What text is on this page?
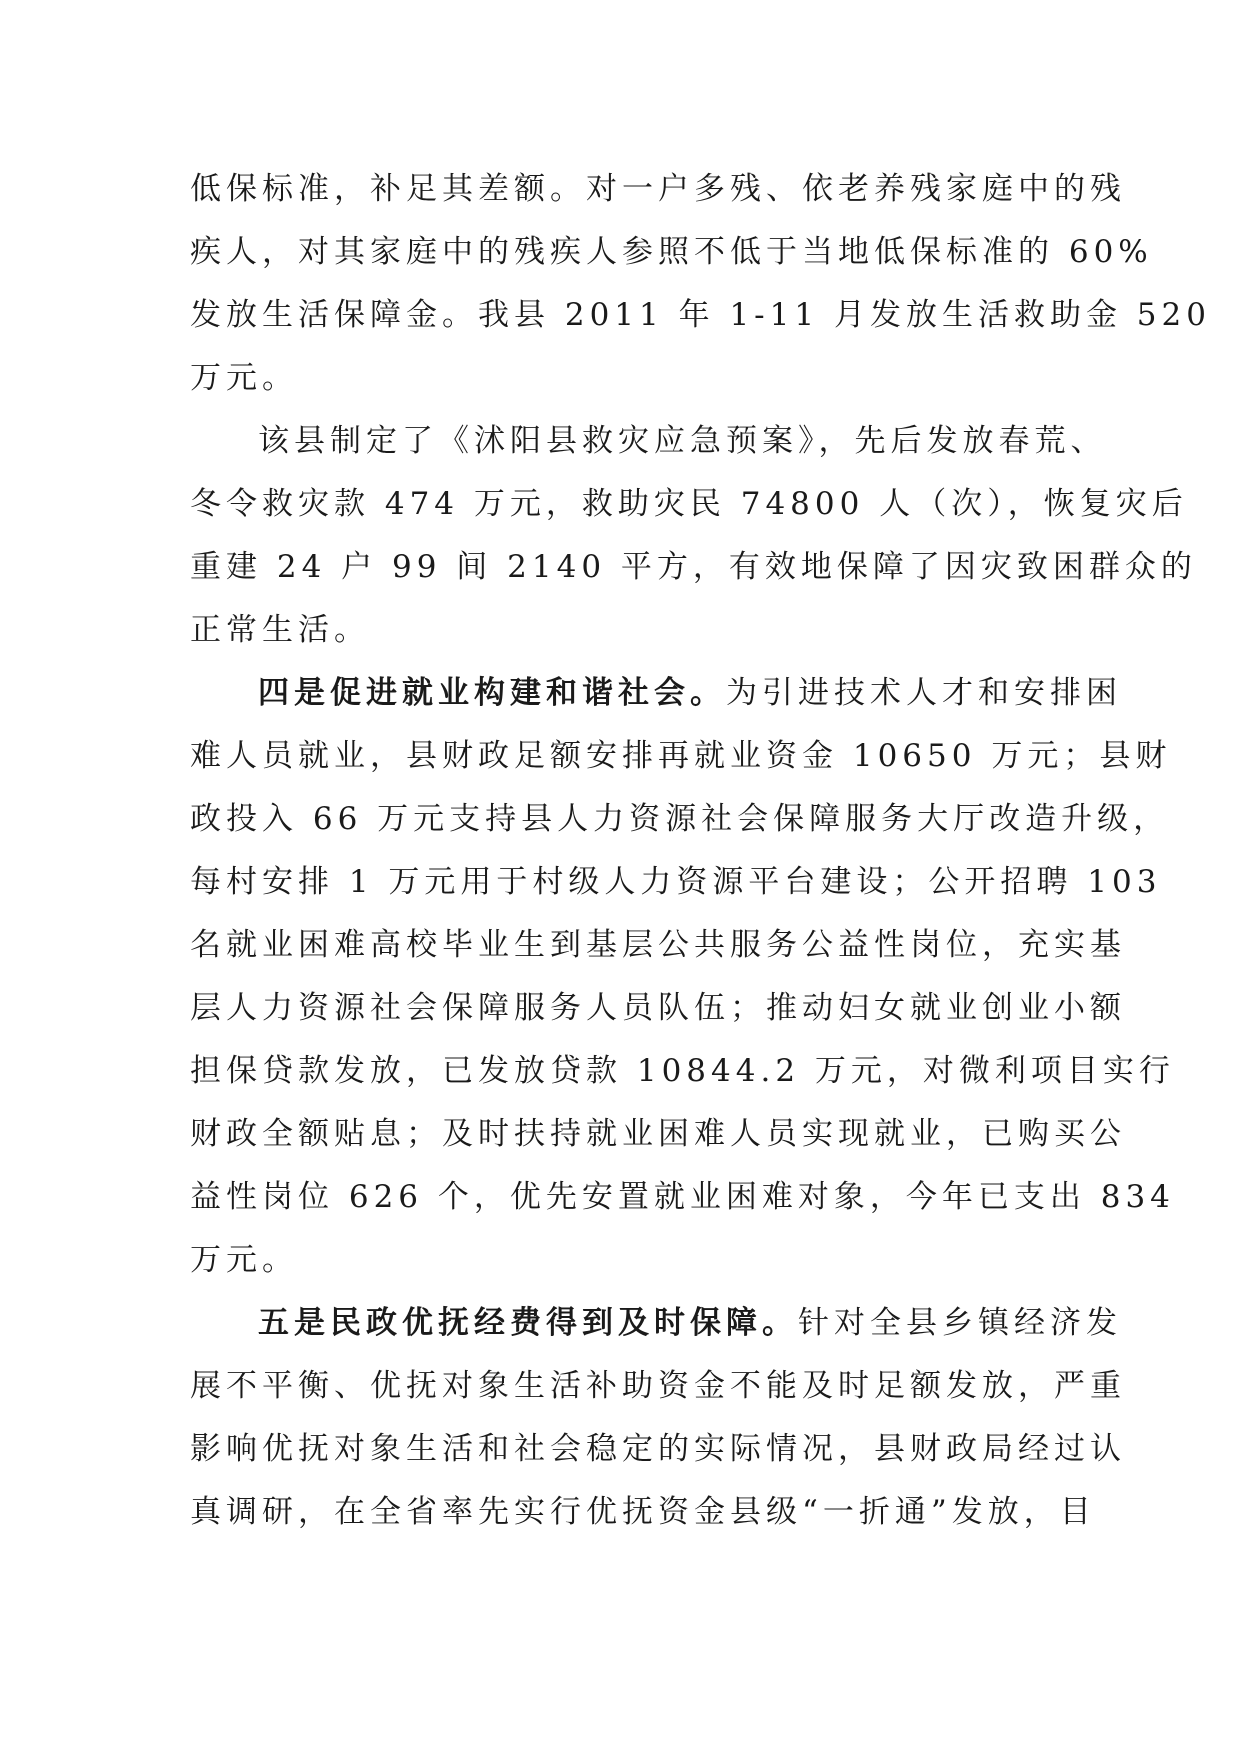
低保标准，补足其差额。对一户多残、依老养残家庭中的残
疾人，对其家庭中的残疾人参照不低于当地低保标准的 60%
发放生活保障金。我县 2011 年 1-11 月发放生活救助金 520
万元。
该县制定了《沭阳县救灾应急预案》，先后发放春荒、
冬令救灾款 474 万元，救助灾民 74800 人（次），恢复灾后
重建 24 户 99 间 2140 平方，有效地保障了因灾致困群众的
正常生活。
四是促进就业构建和谐社会。为引进技术人才和安排困
难人员就业，县财政足额安排再就业资金 10650 万元；县财
政投入 66 万元支持县人力资源社会保障服务大厅改造升级，
每村安排 1 万元用于村级人力资源平台建设；公开招聘 103
名就业困难高校毕业生到基层公共服务公益性岗位，充实基
层人力资源社会保障服务人员队伍；推动妇女就业创业小额
担保贷款发放，已发放贷款 10844.2 万元，对微利项目实行
财政全额贴息；及时扶持就业困难人员实现就业，已购买公
益性岗位 626 个，优先安置就业困难对象，今年已支出 834
万元。
五是民政优抚经费得到及时保障。针对全县乡镇经济发
展不平衡、优抚对象生活补助资金不能及时足额发放，严重
影响优抚对象生活和社会稳定的实际情况，县财政局经过认
真调研，在全省率先实行优抚资金县级“一折通”发放，目
